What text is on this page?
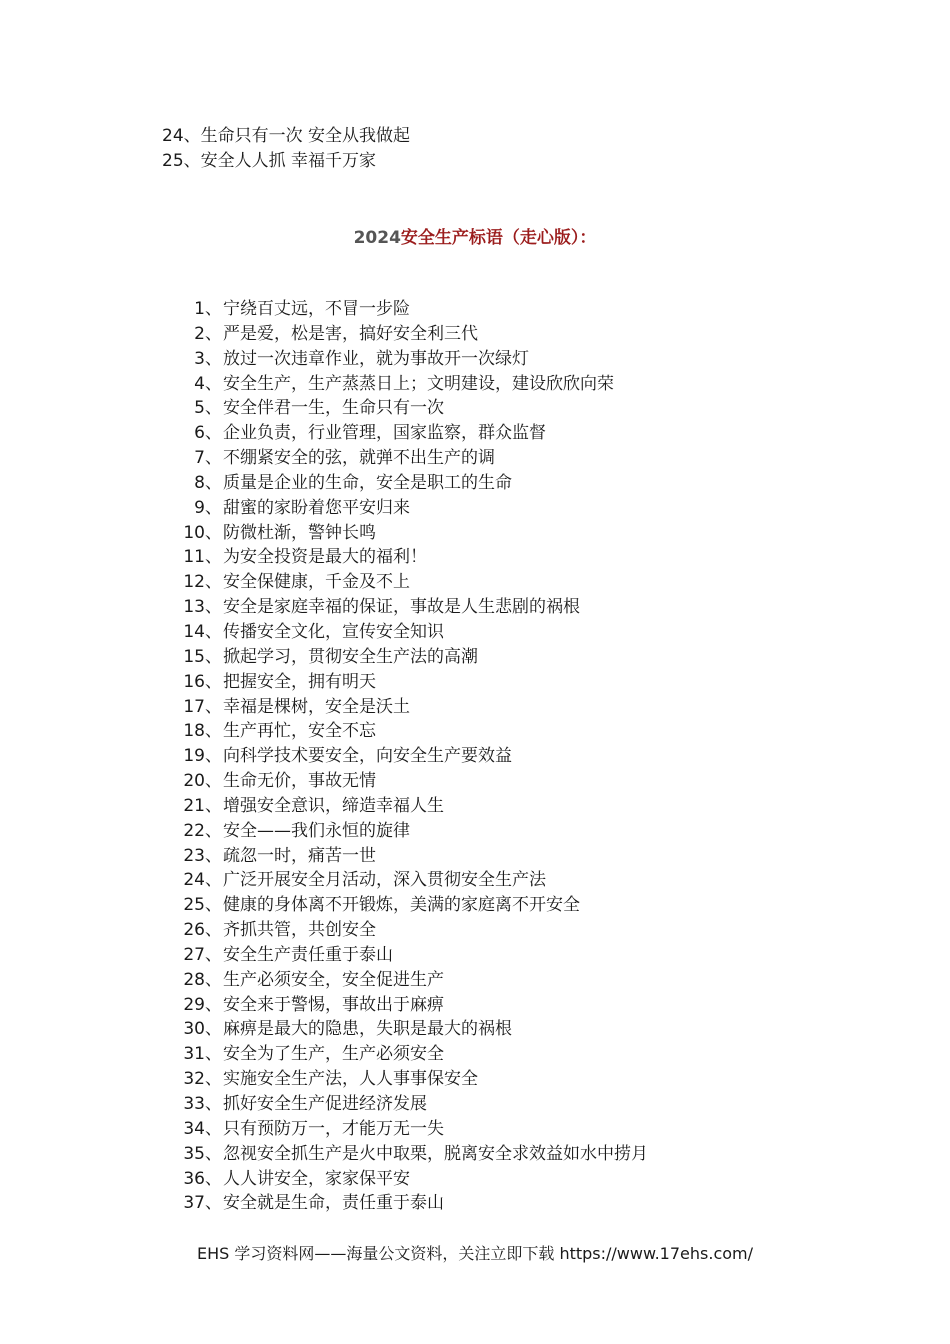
24、生命只有一次 安全从我做起
25、安全人人抓 幸福千万家
2024安全生产标语（走心版）：
1、 宁绕百丈远，不冒一步险
2、 严是爱，松是害，搞好安全利三代
3、 放过一次违章作业，就为事故开一次绿灯
4、 安全生产，生产蒸蒸日上；文明建设，建设欣欣向荣
5、 安全伴君一生，生命只有一次
6、 企业负责，行业管理，国家监察，群众监督
7、 不绷紧安全的弦，就弹不出生产的调
8、 质量是企业的生命，安全是职工的生命
9、 甜蜜的家盼着您平安归来
10、 防微杜渐，警钟长鸣
11、 为安全投资是最大的福利！
12、 安全保健康，千金及不上
13、 安全是家庭幸福的保证，事故是人生悲剧的祸根
14、 传播安全文化，宣传安全知识
15、 掀起学习，贯彻安全生产法的高潮
16、 把握安全，拥有明天
17、 幸福是棵树，安全是沃土
18、 生产再忙，安全不忘
19、 向科学技术要安全，向安全生产要效益
20、 生命无价，事故无情
21、 增强安全意识，缔造幸福人生
22、 安全——我们永恒的旋律
23、 疏忽一时，痛苦一世
24、 广泛开展安全月活动，深入贯彻安全生产法
25、 健康的身体离不开锻炼，美满的家庭离不开安全
26、 齐抓共管，共创安全
27、 安全生产责任重于泰山
28、 生产必须安全，安全促进生产
29、 安全来于警惕，事故出于麻痹
30、 麻痹是最大的隐患，失职是最大的祸根
31、 安全为了生产，生产必须安全
32、 实施安全生产法，人人事事保安全
33、 抓好安全生产促进经济发展
34、 只有预防万一，才能万无一失
35、 忽视安全抓生产是火中取栗，脱离安全求效益如水中捞月
36、 人人讲安全，家家保平安
37、 安全就是生命，责任重于泰山

EHS 学习资料网——海量公文资料，关注立即下载 https://www.17ehs.com/
